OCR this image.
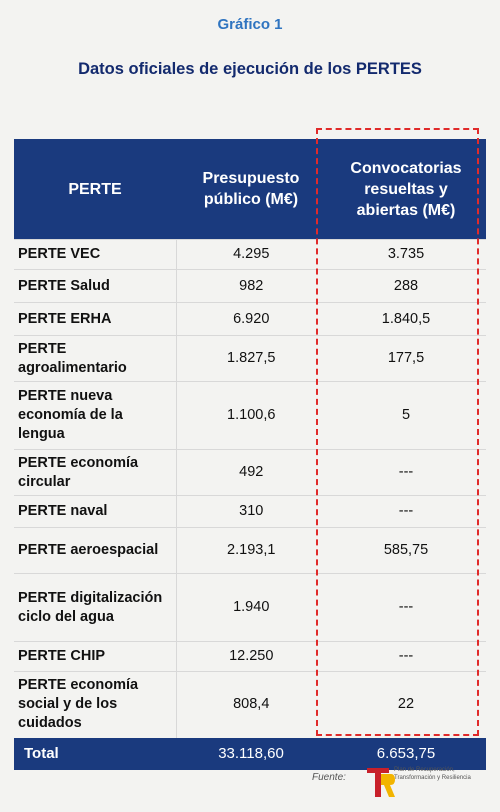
Gráfico 1
Datos oficiales de ejecución de los PERTES
PERTE	Presupuesto público (M€)	Convocatorias resueltas y abiertas (M€)
PERTE VEC	4.295	3.735
PERTE Salud	982	288
PERTE ERHA	6.920	1.840,5
PERTE agroalimentario	1.827,5	177,5
PERTE nueva economía de la lengua	1.100,6	5
PERTE economía circular	492	---
PERTE naval	310	---
PERTE aeroespacial	2.193,1	585,75
PERTE digitalización ciclo del agua	1.940	---
PERTE CHIP	12.250	---
PERTE economía social y de los cuidados	808,4	22
Total	33.118,60	6.653,75
Fuente:
Plan de Recuperación, Transformación y Resiliencia
